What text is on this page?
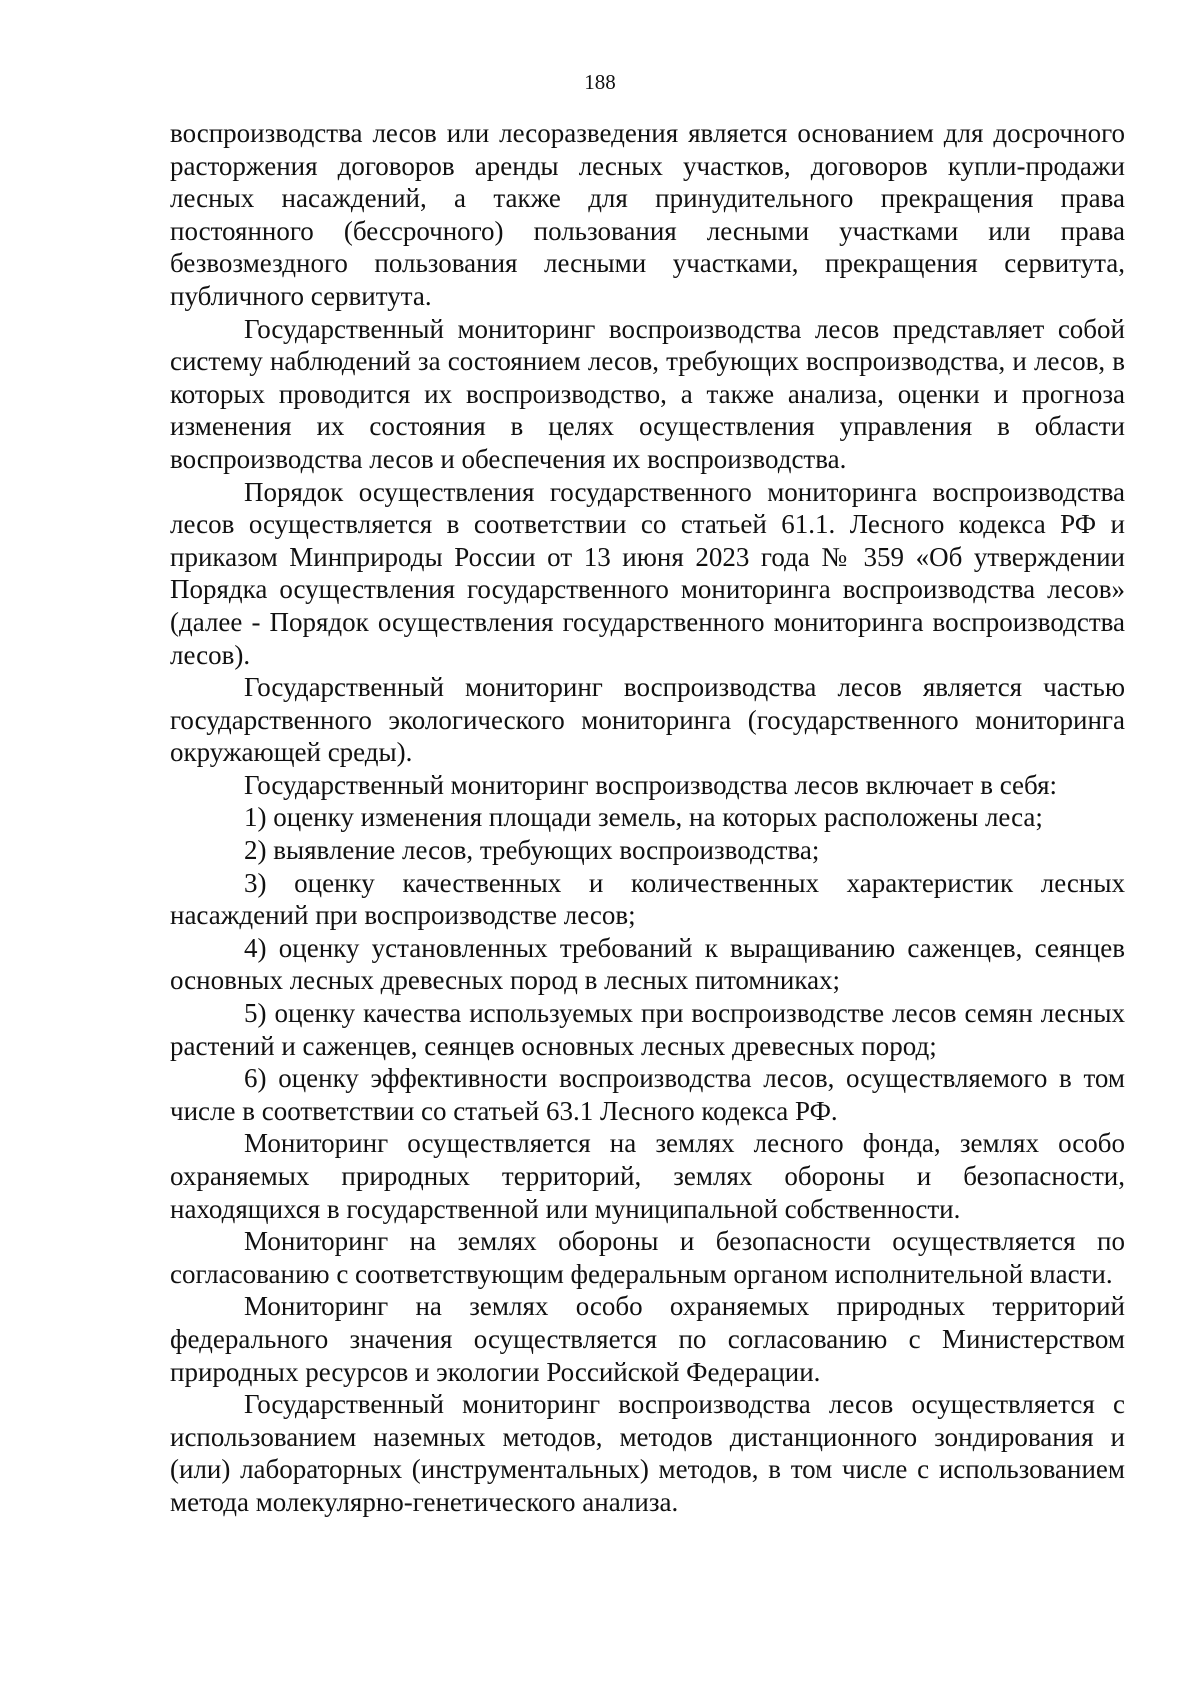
188

воспроизводства лесов или лесоразведения является основанием для досрочного расторжения договоров аренды лесных участков, договоров купли-продажи лесных насаждений, а также для принудительного прекращения права постоянного (бессрочного) пользования лесными участками или права безвозмездного пользования лесными участками, прекращения сервитута, публичного сервитута.

Государственный мониторинг воспроизводства лесов представляет собой систему наблюдений за состоянием лесов, требующих воспроизводства, и лесов, в которых проводится их воспроизводство, а также анализа, оценки и прогноза изменения их состояния в целях осуществления управления в области воспроизводства лесов и обеспечения их воспроизводства.

Порядок осуществления государственного мониторинга воспроизводства лесов осуществляется в соответствии со статьей 61.1. Лесного кодекса РФ и приказом Минприроды России от 13 июня 2023 года № 359 «Об утверждении Порядка осуществления государственного мониторинга воспроизводства лесов» (далее - Порядок осуществления государственного мониторинга воспроизводства лесов).

Государственный мониторинг воспроизводства лесов является частью государственного экологического мониторинга (государственного мониторинга окружающей среды).

Государственный мониторинг воспроизводства лесов включает в себя:

1) оценку изменения площади земель, на которых расположены леса;

2) выявление лесов, требующих воспроизводства;

3) оценку качественных и количественных характеристик лесных насаждений при воспроизводстве лесов;

4) оценку установленных требований к выращиванию саженцев, сеянцев основных лесных древесных пород в лесных питомниках;

5) оценку качества используемых при воспроизводстве лесов семян лесных растений и саженцев, сеянцев основных лесных древесных пород;

6) оценку эффективности воспроизводства лесов, осуществляемого в том числе в соответствии со статьей 63.1 Лесного кодекса РФ.

Мониторинг осуществляется на землях лесного фонда, землях особо охраняемых природных территорий, землях обороны и безопасности, находящихся в государственной или муниципальной собственности.

Мониторинг на землях обороны и безопасности осуществляется по согласованию с соответствующим федеральным органом исполнительной власти.

Мониторинг на землях особо охраняемых природных территорий федерального значения осуществляется по согласованию с Министерством природных ресурсов и экологии Российской Федерации.

Государственный мониторинг воспроизводства лесов осуществляется с использованием наземных методов, методов дистанционного зондирования и (или) лабораторных (инструментальных) методов, в том числе с использованием метода молекулярно-генетического анализа.
